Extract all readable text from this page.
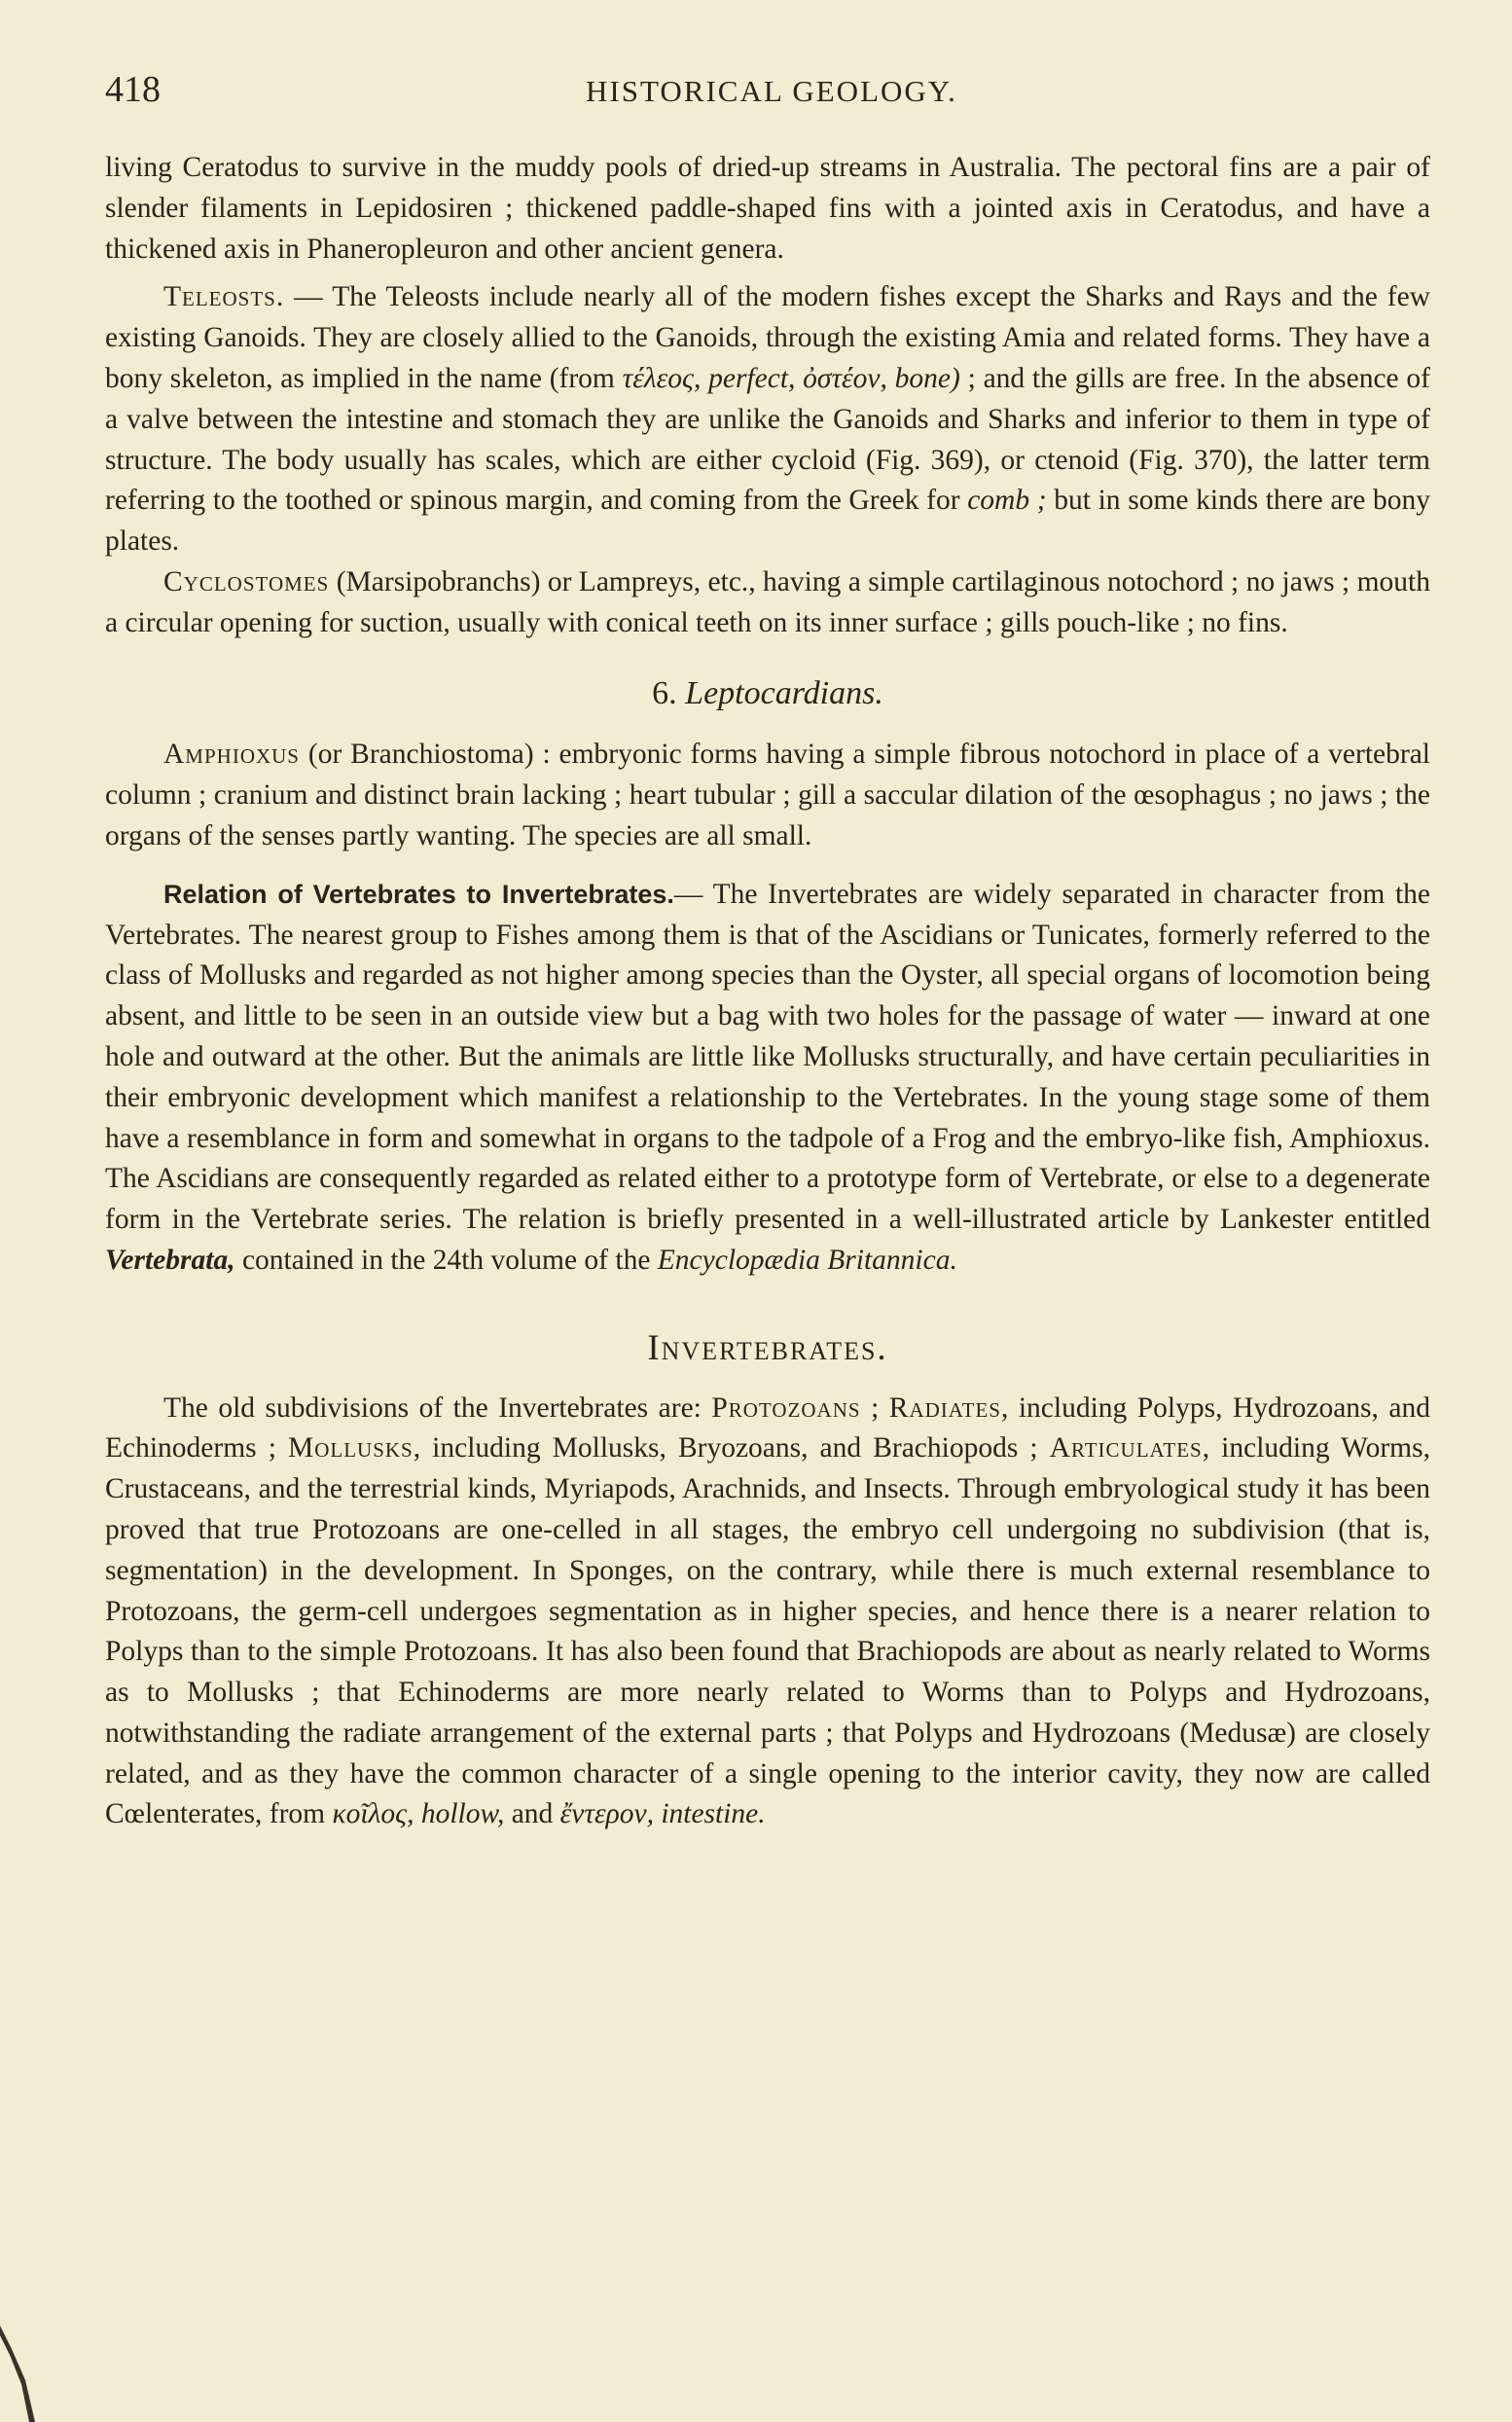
418	HISTORICAL GEOLOGY.

living Ceratodus to survive in the muddy pools of dried-up streams in Australia. The pectoral fins are a pair of slender filaments in Lepidosiren ; thickened paddle-shaped fins with a jointed axis in Ceratodus, and have a thickened axis in Phaneropleuron and other ancient genera.

Teleosts. — The Teleosts include nearly all of the modern fishes except the Sharks and Rays and the few existing Ganoids. They are closely allied to the Ganoids, through the existing Amia and related forms. They have a bony skeleton, as implied in the name (from τέλεος, perfect, ὀστέον, bone) ; and the gills are free. In the absence of a valve between the intestine and stomach they are unlike the Ganoids and Sharks and inferior to them in type of structure. The body usually has scales, which are either cycloid (Fig. 369), or ctenoid (Fig. 370), the latter term referring to the toothed or spinous margin, and coming from the Greek for comb ; but in some kinds there are bony plates.

Cyclostomes (Marsipobranchs) or Lampreys, etc., having a simple cartilaginous notochord ; no jaws ; mouth a circular opening for suction, usually with conical teeth on its inner surface ; gills pouch-like ; no fins.

6. Leptocardians.

Amphioxus (or Branchiostoma) : embryonic forms having a simple fibrous notochord in place of a vertebral column ; cranium and distinct brain lacking ; heart tubular ; gill a saccular dilation of the œsophagus ; no jaws ; the organs of the senses partly wanting. The species are all small.

Relation of Vertebrates to Invertebrates.— The Invertebrates are widely separated in character from the Vertebrates. The nearest group to Fishes among them is that of the Ascidians or Tunicates, formerly referred to the class of Mollusks and regarded as not higher among species than the Oyster, all special organs of locomotion being absent, and little to be seen in an outside view but a bag with two holes for the passage of water — inward at one hole and outward at the other. But the animals are little like Mollusks structurally, and have certain peculiarities in their embryonic development which manifest a relationship to the Vertebrates. In the young stage some of them have a resemblance in form and somewhat in organs to the tadpole of a Frog and the embryo-like fish, Amphioxus. The Ascidians are consequently regarded as related either to a prototype form of Vertebrate, or else to a degenerate form in the Vertebrate series. The relation is briefly presented in a well-illustrated article by Lankester entitled Vertebrata, contained in the 24th volume of the Encyclopædia Britannica.

Invertebrates.

The old subdivisions of the Invertebrates are: Protozoans ; Radiates, including Polyps, Hydrozoans, and Echinoderms ; Mollusks, including Mollusks, Bryozoans, and Brachiopods ; Articulates, including Worms, Crustaceans, and the terrestrial kinds, Myriapods, Arachnids, and Insects. Through embryological study it has been proved that true Protozoans are one-celled in all stages, the embryo cell undergoing no subdivision (that is, segmentation) in the development. In Sponges, on the contrary, while there is much external resemblance to Protozoans, the germ-cell undergoes segmentation as in higher species, and hence there is a nearer relation to Polyps than to the simple Protozoans. It has also been found that Brachiopods are about as nearly related to Worms as to Mollusks ; that Echinoderms are more nearly related to Worms than to Polyps and Hydrozoans, notwithstanding the radiate arrangement of the external parts ; that Polyps and Hydrozoans (Medusæ) are closely related, and as they have the common character of a single opening to the interior cavity, they now are called Cœlenterates, from κοῖλος, hollow, and ἔντερον, intestine.
